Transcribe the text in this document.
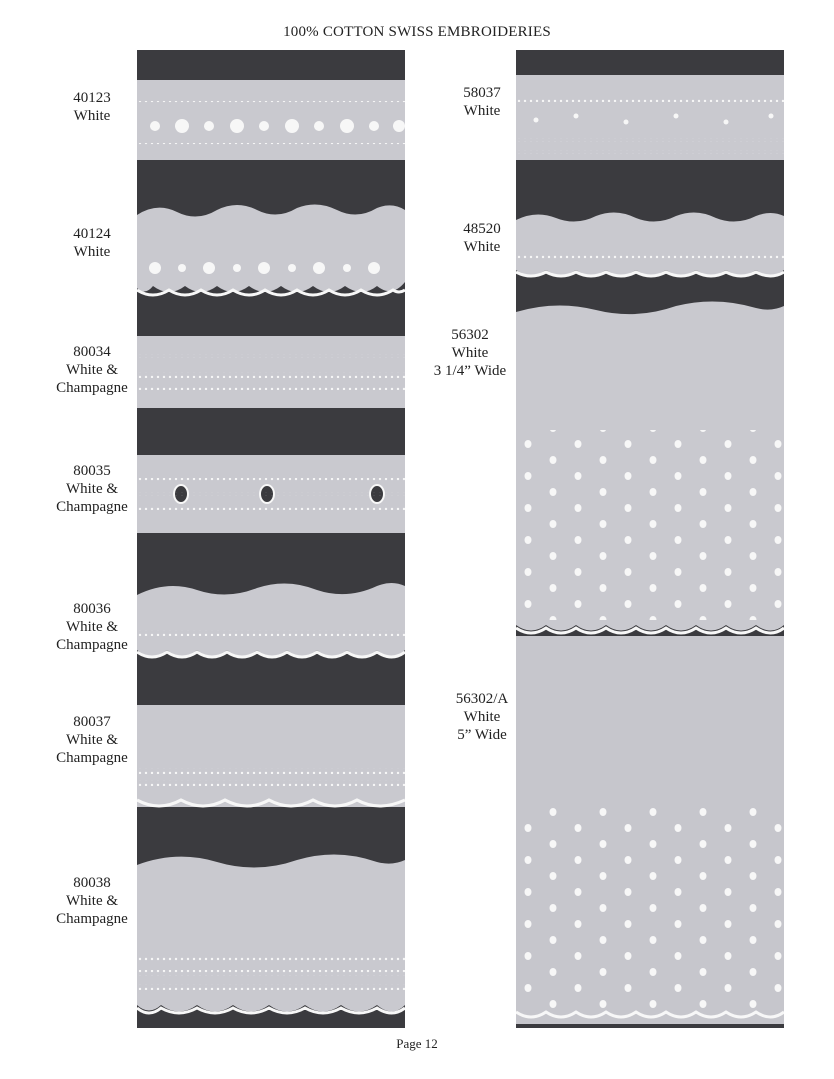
100% COTTON SWISS EMBROIDERIES
40123
White
40124
White
80034
White &
Champagne
80035
White &
Champagne
80036
White &
Champagne
80037
White &
Champagne
80038
White &
Champagne
58037
White
48520
White
56302
White
3 1/4” Wide
56302/A
White
5” Wide
Page 12
